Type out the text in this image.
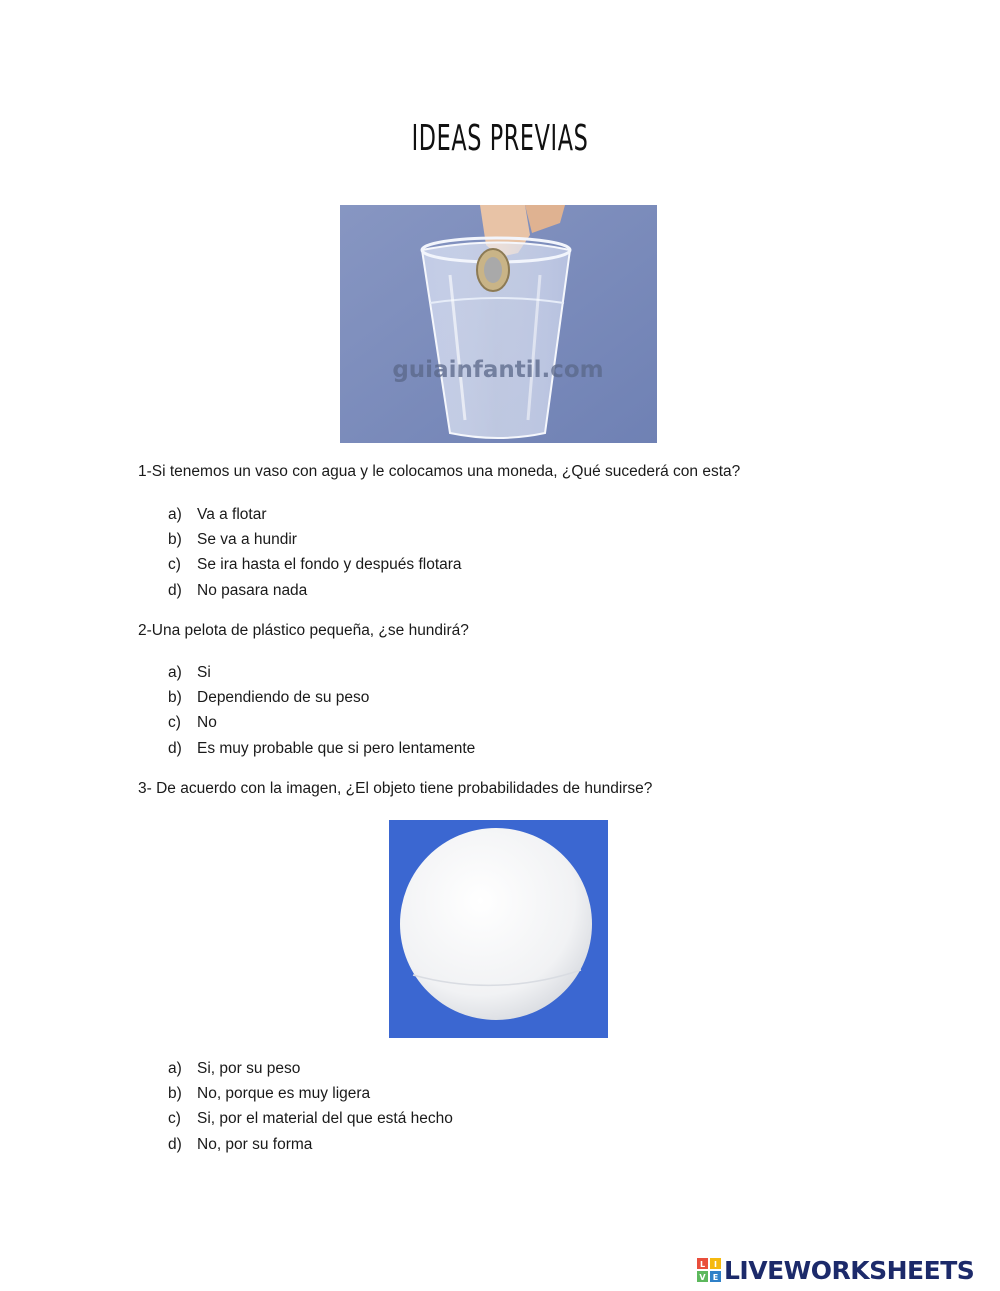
IDEAS PREVIAS
guiainfantil.com
1-Si tenemos un vaso con agua y le colocamos una moneda, ¿Qué sucederá con esta?
a) Va a flotar
b) Se va a hundir
c)	Se ira hasta el fondo y después flotara
d) No pasara nada
2-Una pelota de plástico pequeña, ¿se hundirá?
a) Si
b) Dependiendo de su peso
c)	No
d) Es muy probable que si pero lentamente
3- De acuerdo con la imagen, ¿El objeto tiene probabilidades de hundirse?
a) Si, por su peso
b) No, porque es muy ligera
c)	Si, por el material del que está hecho
d) No, por su forma
L I
V E LIVEWORKSHEETS
